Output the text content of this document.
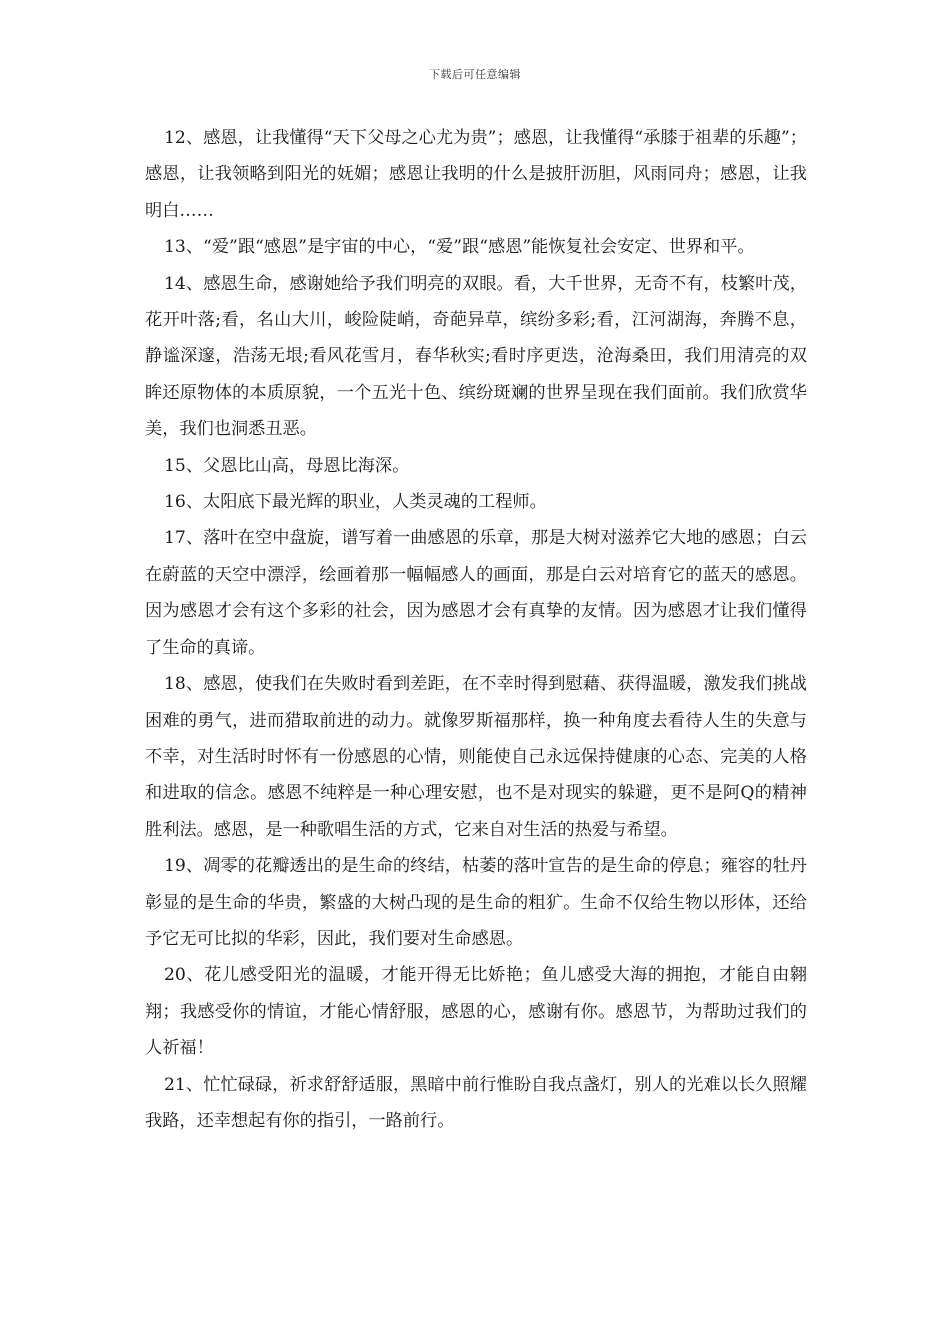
下载后可任意编辑

12、感恩，让我懂得“天下父母之心尤为贵”；感恩，让我懂得“承膝于祖辈的乐趣”；感恩，让我领略到阳光的妩媚；感恩让我明的什么是披肝沥胆，风雨同舟；感恩，让我明白……

13、“爱”跟“感恩”是宇宙的中心，“爱”跟“感恩”能恢复社会安定、世界和平。

14、感恩生命，感谢她给予我们明亮的双眼。看，大千世界，无奇不有，枝繁叶茂，花开叶落;看，名山大川，峻险陡峭，奇葩异草，缤纷多彩;看，江河湖海，奔腾不息，静谧深邃，浩荡无垠;看风花雪月，春华秋实;看时序更迭，沧海桑田，我们用清亮的双眸还原物体的本质原貌，一个五光十色、缤纷斑斓的世界呈现在我们面前。我们欣赏华美，我们也洞悉丑恶。

15、父恩比山高，母恩比海深。

16、太阳底下最光辉的职业，人类灵魂的工程师。

17、落叶在空中盘旋，谱写着一曲感恩的乐章，那是大树对滋养它大地的感恩；白云在蔚蓝的天空中漂浮，绘画着那一幅幅感人的画面，那是白云对培育它的蓝天的感恩。因为感恩才会有这个多彩的社会，因为感恩才会有真挚的友情。因为感恩才让我们懂得了生命的真谛。

18、感恩，使我们在失败时看到差距，在不幸时得到慰藉、获得温暖，激发我们挑战困难的勇气，进而猎取前进的动力。就像罗斯福那样，换一种角度去看待人生的失意与不幸，对生活时时怀有一份感恩的心情，则能使自己永远保持健康的心态、完美的人格和进取的信念。感恩不纯粹是一种心理安慰，也不是对现实的躲避，更不是阿Q的精神胜利法。感恩，是一种歌唱生活的方式，它来自对生活的热爱与希望。

19、凋零的花瓣透出的是生命的终结，枯萎的落叶宣告的是生命的停息；雍容的牡丹彰显的是生命的华贵，繁盛的大树凸现的是生命的粗犷。生命不仅给生物以形体，还给予它无可比拟的华彩，因此，我们要对生命感恩。

20、花儿感受阳光的温暖，才能开得无比娇艳；鱼儿感受大海的拥抱，才能自由翱翔；我感受你的情谊，才能心情舒服，感恩的心，感谢有你。感恩节，为帮助过我们的人祈福！

21、忙忙碌碌，祈求舒舒适服，黑暗中前行惟盼自我点盏灯，别人的光难以长久照耀我路，还幸想起有你的指引，一路前行。
